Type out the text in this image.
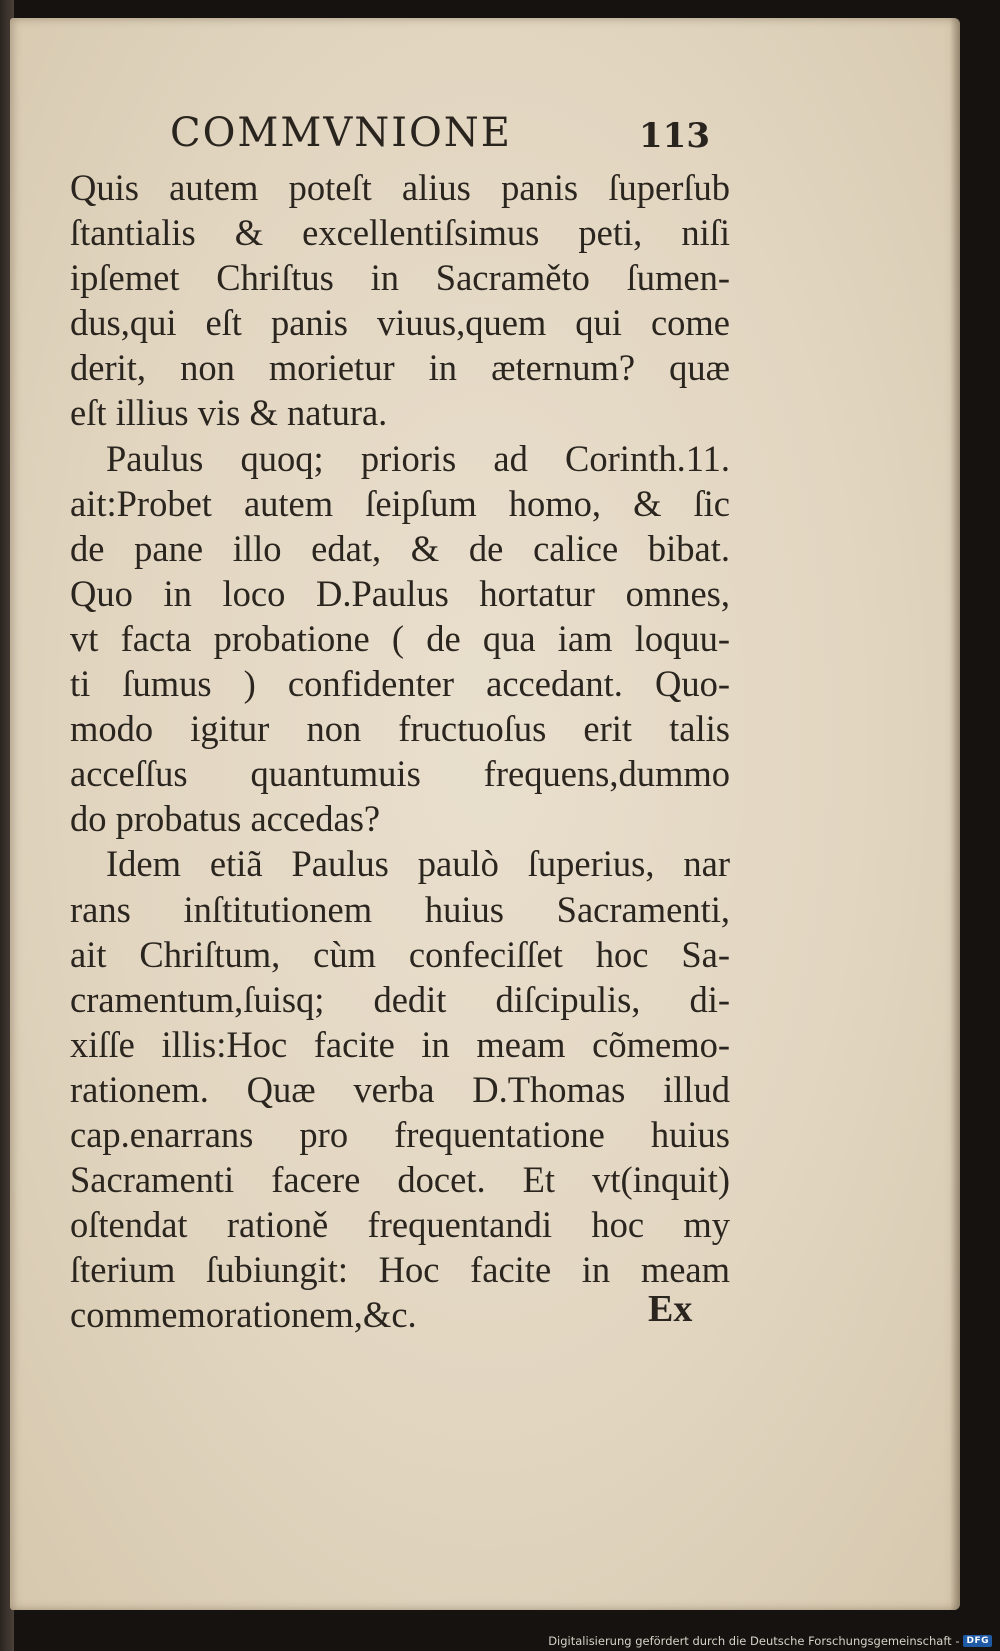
COMMVNIONE	113
Quis autem poteſt alius panis ſuperſub
ſtantialis & excellentiſsimus peti, niſi
ipſemet Chriſtus in Sacraměto ſumen-
dus,qui eſt panis viuus,quem qui come
derit, non morietur in æternum? quæ
eſt illius vis & natura.
Paulus quoq; prioris ad Corinth.11.
ait:Probet autem ſeipſum homo, & ſic
de pane illo edat, & de calice bibat.
Quo in loco D.Paulus hortatur omnes,
vt facta probatione ( de qua iam loquu-
ti ſumus ) confidenter accedant. Quo-
modo igitur non fructuoſus erit talis
acceſſus quantumuis frequens,dummo
do probatus accedas?
Idem etiã Paulus paulò ſuperius, nar
rans inſtitutionem huius Sacramenti,
ait Chriſtum, cùm confeciſſet hoc Sa-
cramentum,ſuisq; dedit diſcipulis, di-
xiſſe illis:Hoc facite in meam cõmemo-
rationem. Quæ verba D.Thomas illud
cap.enarrans pro frequentatione huius
Sacramenti facere docet. Et vt(inquit)
oſtendat rationě frequentandi hoc my
ſterium ſubiungit: Hoc facite in meam
commemorationem,&c.	Ex
Digitalisierung gefördert durch die Deutsche Forschungsgemeinschaft - DFG
